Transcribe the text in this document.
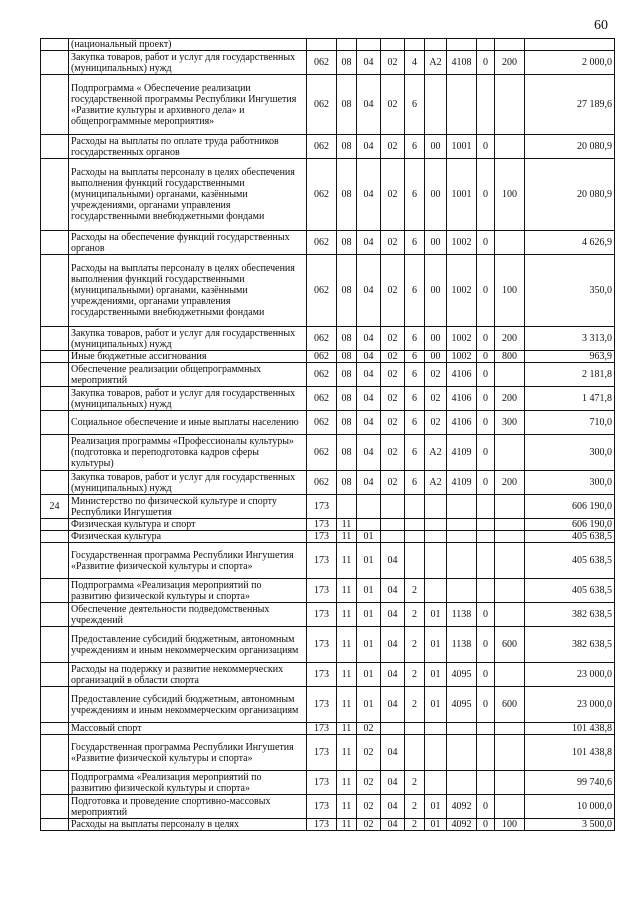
60
	(национальный проект)										
	Закупка товаров, работ и услуг для государственных (муниципальных) нужд	062	08	04	02	4	А2	4108	0	200	2 000,0
	Подпрограмма « Обеспечение реализации государственной программы Республики Ингушетия «Развитие культуры и архивного дела» и общепрограммные мероприятия»	062	08	04	02	6					27 189,6
	Расходы на выплаты по оплате труда работников государственных органов	062	08	04	02	6	00	1001	0		20 080,9
	Расходы на выплаты персоналу в целях обеспечения выполнения функций государственными (муниципальными) органами, казёнными учреждениями, органами управления государственными внебюджетными фондами	062	08	04	02	6	00	1001	0	100	20 080,9
	Расходы на обеспечение функций государственных органов	062	08	04	02	6	00	1002	0		4 626,9
	Расходы на выплаты персоналу в целях обеспечения выполнения функций государственными (муниципальными) органами, казёнными учреждениями, органами управления государственными внебюджетными фондами	062	08	04	02	6	00	1002	0	100	350,0
	Закупка товаров, работ и услуг для государственных (муниципальных) нужд	062	08	04	02	6	00	1002	0	200	3 313,0
	Иные бюджетные ассигнования	062	08	04	02	6	00	1002	0	800	963,9
	Обеспечение реализации общепрограммных мероприятий	062	08	04	02	6	02	4106	0		2 181,8
	Закупка товаров, работ и услуг для государственных (муниципальных) нужд	062	08	04	02	6	02	4106	0	200	1 471,8
	Социальное обеспечение и иные выплаты населению	062	08	04	02	6	02	4106	0	300	710,0
	Реализация программы «Профессионалы культуры» (подготовка и переподготовка кадров сферы культуры)	062	08	04	02	6	А2	4109	0		300,0
	Закупка товаров, работ и услуг для государственных (муниципальных) нужд	062	08	04	02	6	А2	4109	0	200	300,0
24	Министерство по физической культуре и спорту Республики Ингушетия	173									606 190,0
	Физическая культура и спорт	173	11								606 190,0
	Физическая культура	173	11	01							405 638,5
	Государственная программа Республики Ингушетия «Развитие физической культуры и спорта»	173	11	01	04						405 638,5
	Подпрограмма «Реализация мероприятий по развитию физической культуры и спорта»	173	11	01	04	2					405 638,5
	Обеспечение деятельности подведомственных учреждений	173	11	01	04	2	01	1138	0		382 638,5
	Предоставление субсидий бюджетным, автономным учреждениям и иным некоммерческим организациям	173	11	01	04	2	01	1138	0	600	382 638,5
	Расходы на подержку и развитие некоммерческих организаций в области спорта	173	11	01	04	2	01	4095	0		23 000,0
	Предоставление субсидий бюджетным, автономным учреждениям и иным некоммерческим организациям	173	11	01	04	2	01	4095	0	600	23 000,0
	Массовый спорт	173	11	02							101 438,8
	Государственная программа Республики Ингушетия «Развитие физической культуры и спорта»	173	11	02	04						101 438,8
	Подпрограмма «Реализация мероприятий по развитию физической культуры и спорта»	173	11	02	04	2					99 740,6
	Подготовка и проведение спортивно-массовых мероприятий	173	11	02	04	2	01	4092	0		10 000,0
	Расходы на выплаты персоналу в целях	173	11	02	04	2	01	4092	0	100	3 500,0
